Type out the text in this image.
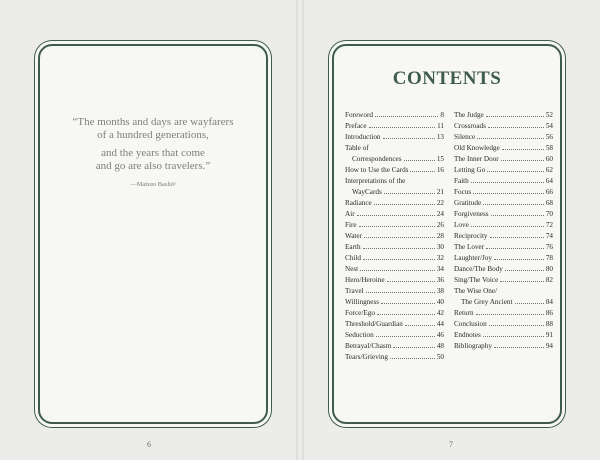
“The months and days are wayfarers
of a hundred generations,

and the years that come
and go are also travelers.”

—Matsuo Bashō¹
6
CONTENTS
Foreword	8
Preface	11
Introduction	13
Table of
Correspondences	15
How to Use the Cards	16
Interpretations of the
WayCards	21
Radiance	22
Air	24
Fire	26
Water	28
Earth	30
Child	32
Nest	34
Hero/Heroine	36
Travel	38
Willingness	40
Force/Ego	42
Threshold/Guardian	44
Seduction	46
Betrayal/Chasm	48
Tears/Grieving	50
The Judge	52
Crossroads	54
Silence	56
Old Knowledge	58
The Inner Door	60
Letting Go	62
Faith	64
Focus	66
Gratitude	68
Forgiveness	70
Love	72
Reciprocity	74
The Lover	76
Laughter/Joy	78
Dance/The Body	80
Sing/The Voice	82
The Wise One/
The Grey Ancient	84
Return	86
Conclusion	88
Endnotes	91
Bibliography	94
7
